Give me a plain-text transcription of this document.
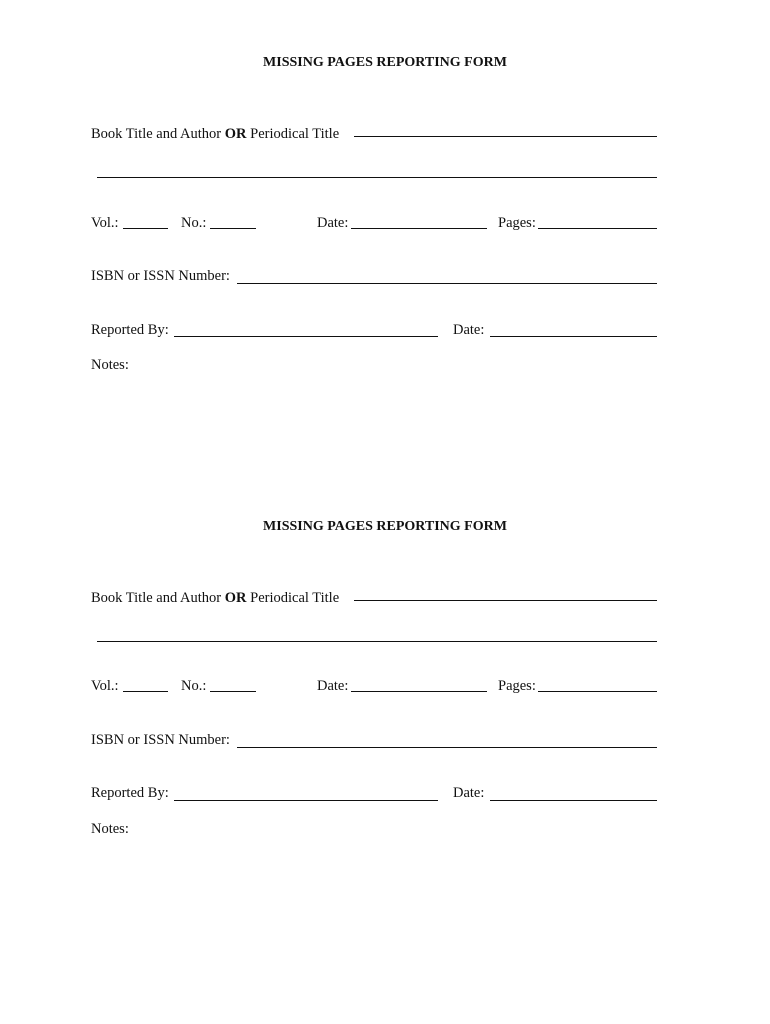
MISSING PAGES REPORTING FORM
Book Title and Author OR Periodical Title
Vol.:	No.:	Date:	Pages:
ISBN or ISSN Number:
Reported By:	Date:
Notes:
MISSING PAGES REPORTING FORM
Book Title and Author OR Periodical Title
Vol.:	No.:	Date:	Pages:
ISBN or ISSN Number:
Reported By:	Date:
Notes:
